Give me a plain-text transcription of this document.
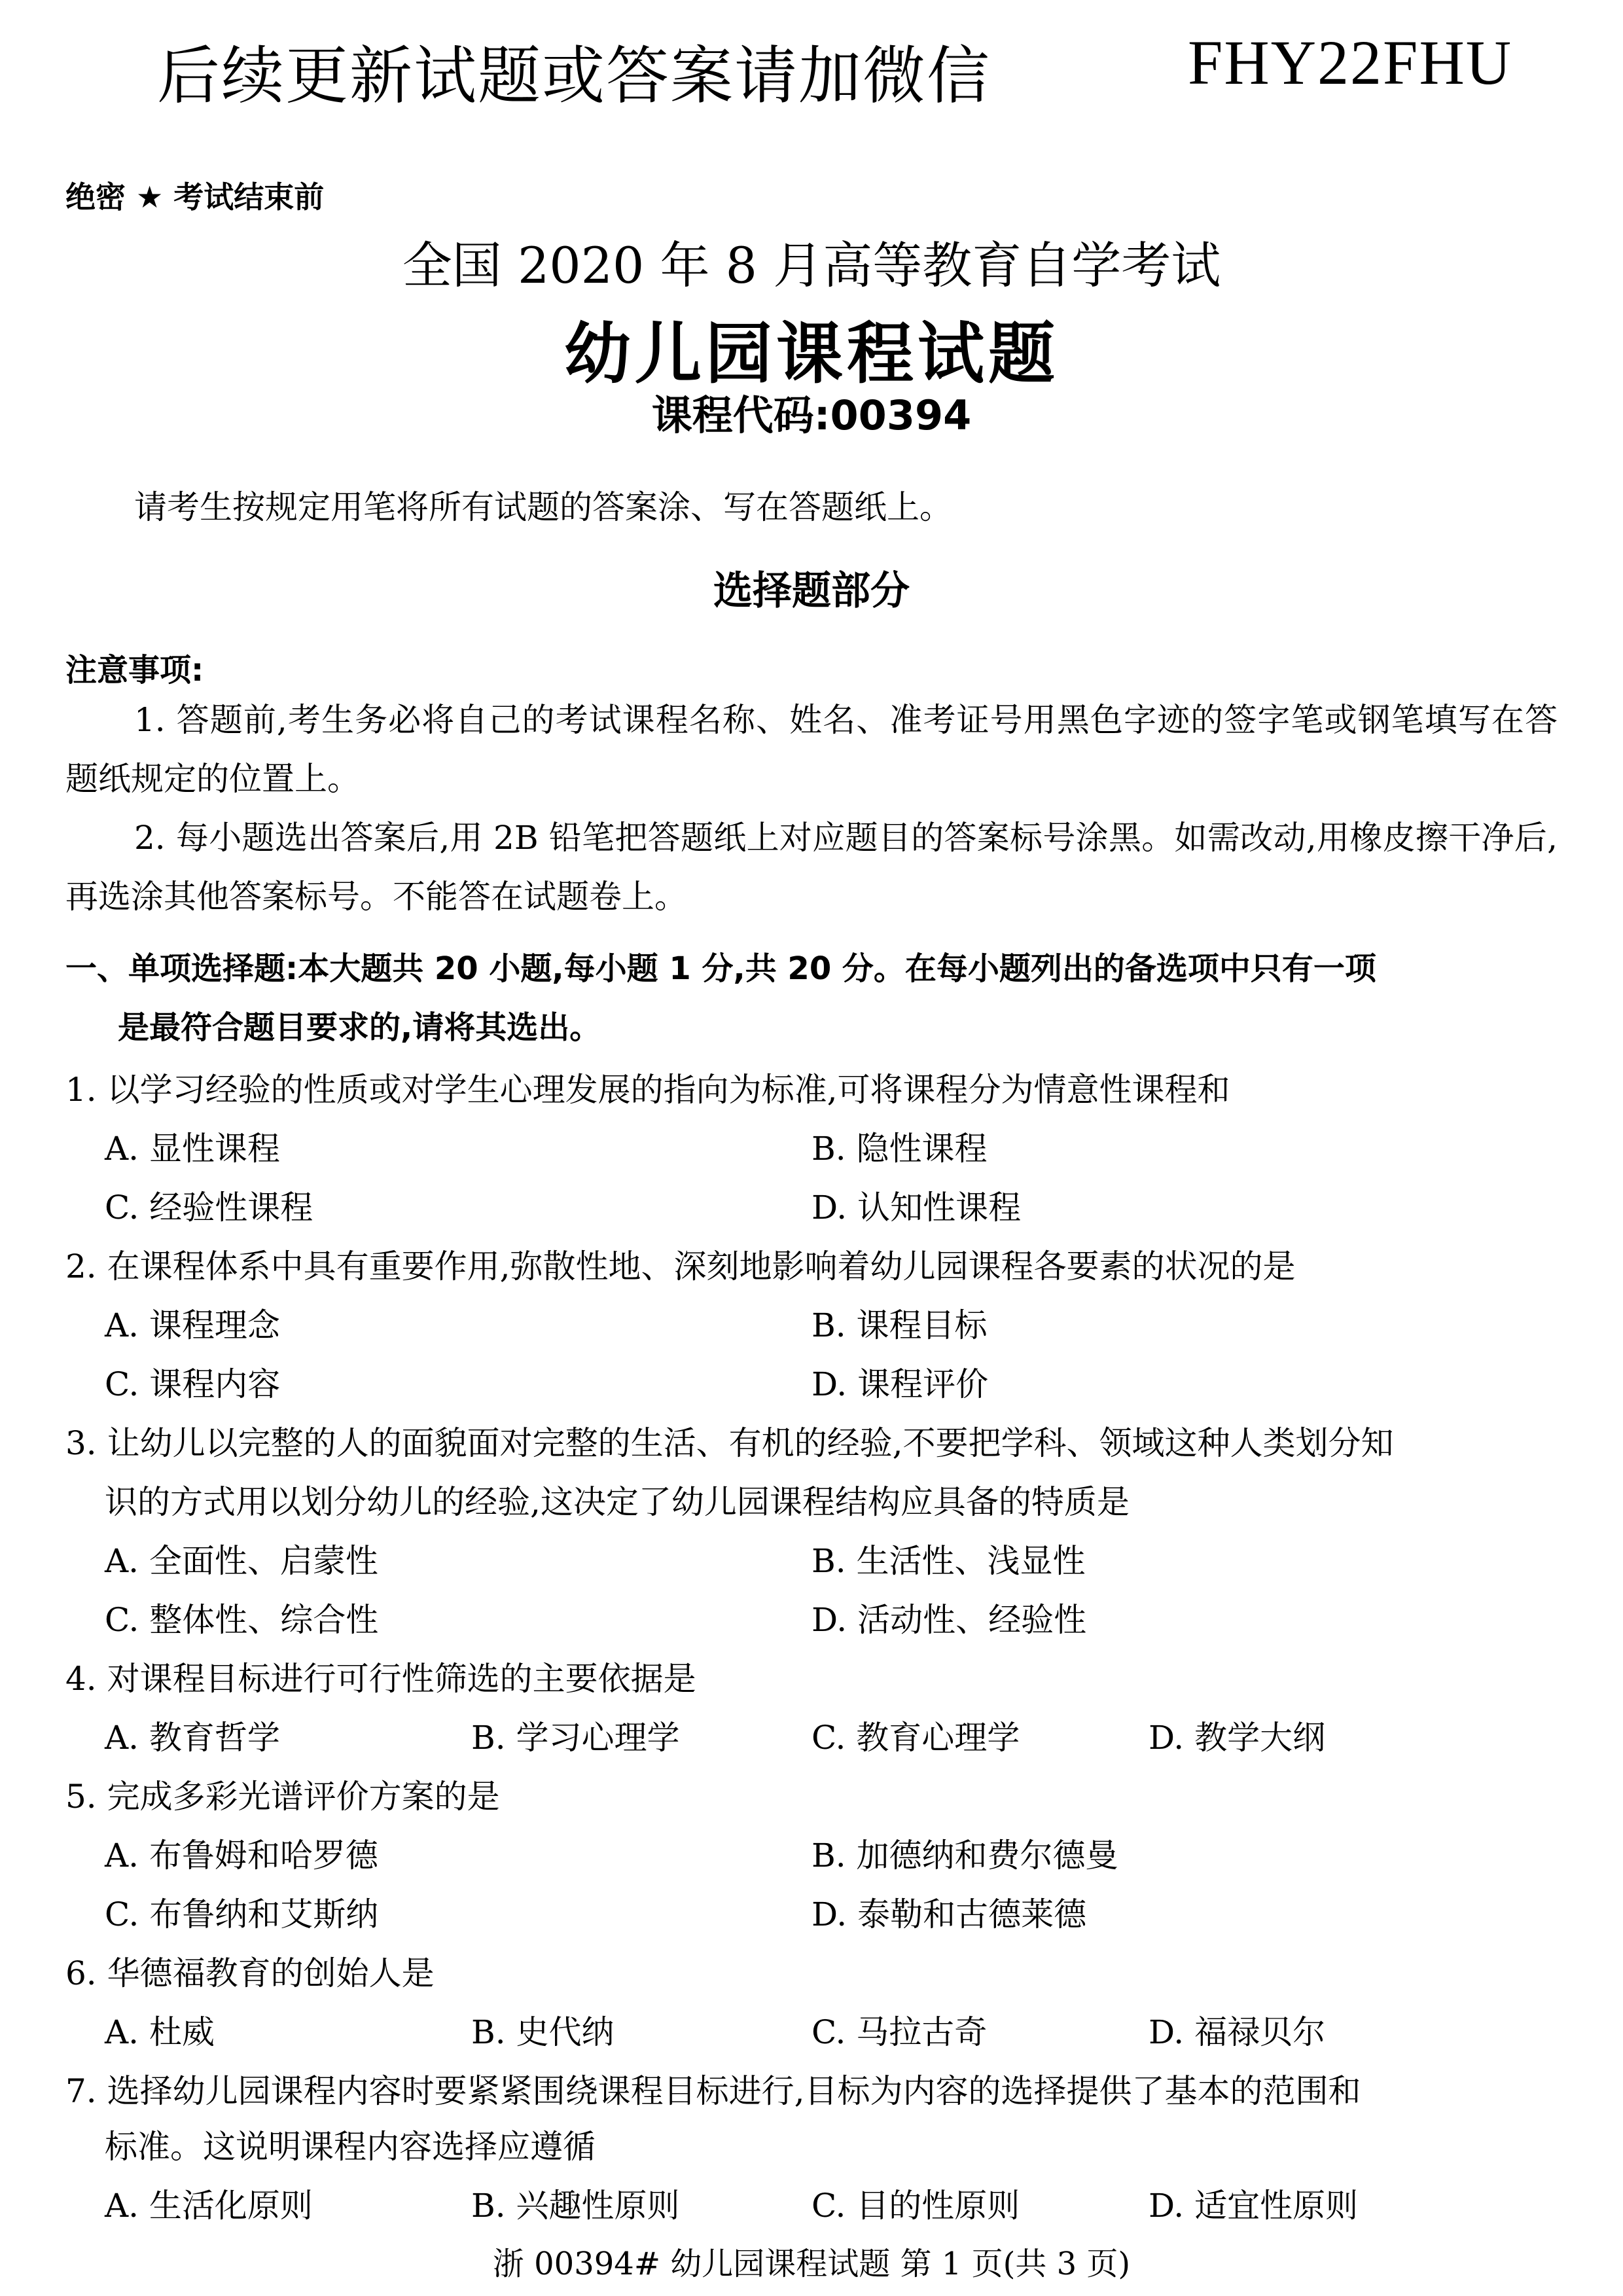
后续更新试题或答案请加微信	FHY22FHU
绝密 ★ 考试结束前
全国 2020 年 8 月高等教育自学考试
幼儿园课程试题
课程代码:00394
请考生按规定用笔将所有试题的答案涂、写在答题纸上。
选择题部分
注意事项:
1. 答题前,考生务必将自己的考试课程名称、姓名、准考证号用黑色字迹的签字笔或钢笔填写在答题纸规定的位置上。
2. 每小题选出答案后,用 2B 铅笔把答题纸上对应题目的答案标号涂黑。如需改动,用橡皮擦干净后,再选涂其他答案标号。不能答在试题卷上。
一、单项选择题:本大题共 20 小题,每小题 1 分,共 20 分。在每小题列出的备选项中只有一项
是最符合题目要求的,请将其选出。
1. 以学习经验的性质或对学生心理发展的指向为标准,可将课程分为情意性课程和
A. 显性课程	B. 隐性课程
C. 经验性课程	D. 认知性课程
2. 在课程体系中具有重要作用,弥散性地、深刻地影响着幼儿园课程各要素的状况的是
A. 课程理念	B. 课程目标
C. 课程内容	D. 课程评价
3. 让幼儿以完整的人的面貌面对完整的生活、有机的经验,不要把学科、领域这种人类划分知
识的方式用以划分幼儿的经验,这决定了幼儿园课程结构应具备的特质是
A. 全面性、启蒙性	B. 生活性、浅显性
C. 整体性、综合性	D. 活动性、经验性
4. 对课程目标进行可行性筛选的主要依据是
A. 教育哲学	B. 学习心理学	C. 教育心理学	D. 教学大纲
5. 完成多彩光谱评价方案的是
A. 布鲁姆和哈罗德	B. 加德纳和费尔德曼
C. 布鲁纳和艾斯纳	D. 泰勒和古德莱德
6. 华德福教育的创始人是
A. 杜威	B. 史代纳	C. 马拉古奇	D. 福禄贝尔
7. 选择幼儿园课程内容时要紧紧围绕课程目标进行,目标为内容的选择提供了基本的范围和
标准。这说明课程内容选择应遵循
A. 生活化原则	B. 兴趣性原则	C. 目的性原则	D. 适宜性原则
浙 00394# 幼儿园课程试题 第 1 页(共 3 页)
